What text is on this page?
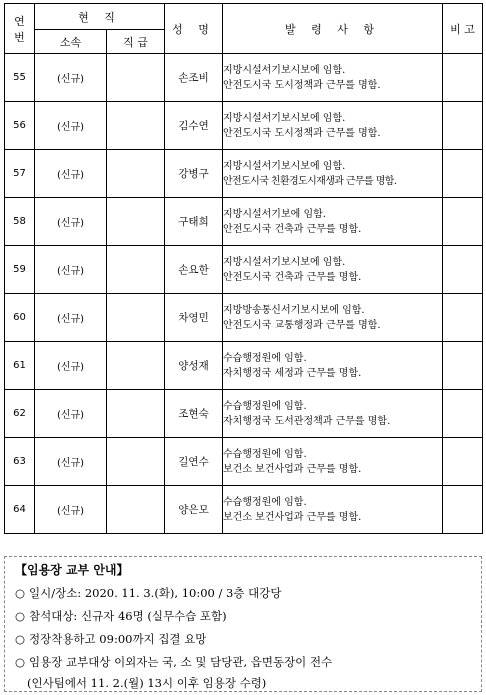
연번	현 직		성 명	발 령 사 항	비 고
	소속	직 급			
55	(신규)		손조비	지방시설서기보시보에 임함.
안전도시국 도시정책과 근무를 명함.	

56	(신규)		김수연	지방시설서기보시보에 임함.
안전도시국 도시정책과 근무를 명함.	

57	(신규)		강병구	지방시설서기보시보에 임함.
안전도시국 친환경도시재생과 근무를 명함.	

58	(신규)		구태희	지방시설서기보에 임함.
안전도시국 건축과 근무를 명함.	

59	(신규)		손요한	지방시설서기보시보에 임함.
안전도시국 건축과 근무를 명함.	

60	(신규)		차영민	지방방송통신서기보시보에 임함.
안전도시국 교통행정과 근무를 명함.	

61	(신규)		양성재	수습행정원에 임함.
자치행정국 세정과 근무를 명함.	

62	(신규)		조현숙	수습행정원에 임함.
자치행정국 도서관정책과 근무를 명함.	

63	(신규)		길연수	수습행정원에 임함.
보건소 보건사업과 근무를 명함.	

64	(신규)		양은모	수습행정원에 임함.
보건소 보건사업과 근무를 명함.	

【임용장 교부 안내】
○ 일시/장소: 2020. 11. 3.(화), 10:00 / 3층 대강당
○ 참석대상: 신규자 46명 (실무수습 포함)
○ 정장착용하고 09:00까지 집결 요망
○ 임용장 교부대상 이외자는 국, 소 및 담당관, 읍면동장이 전수
(인사팀에서 11. 2.(월) 13시 이후 임용장 수령)
